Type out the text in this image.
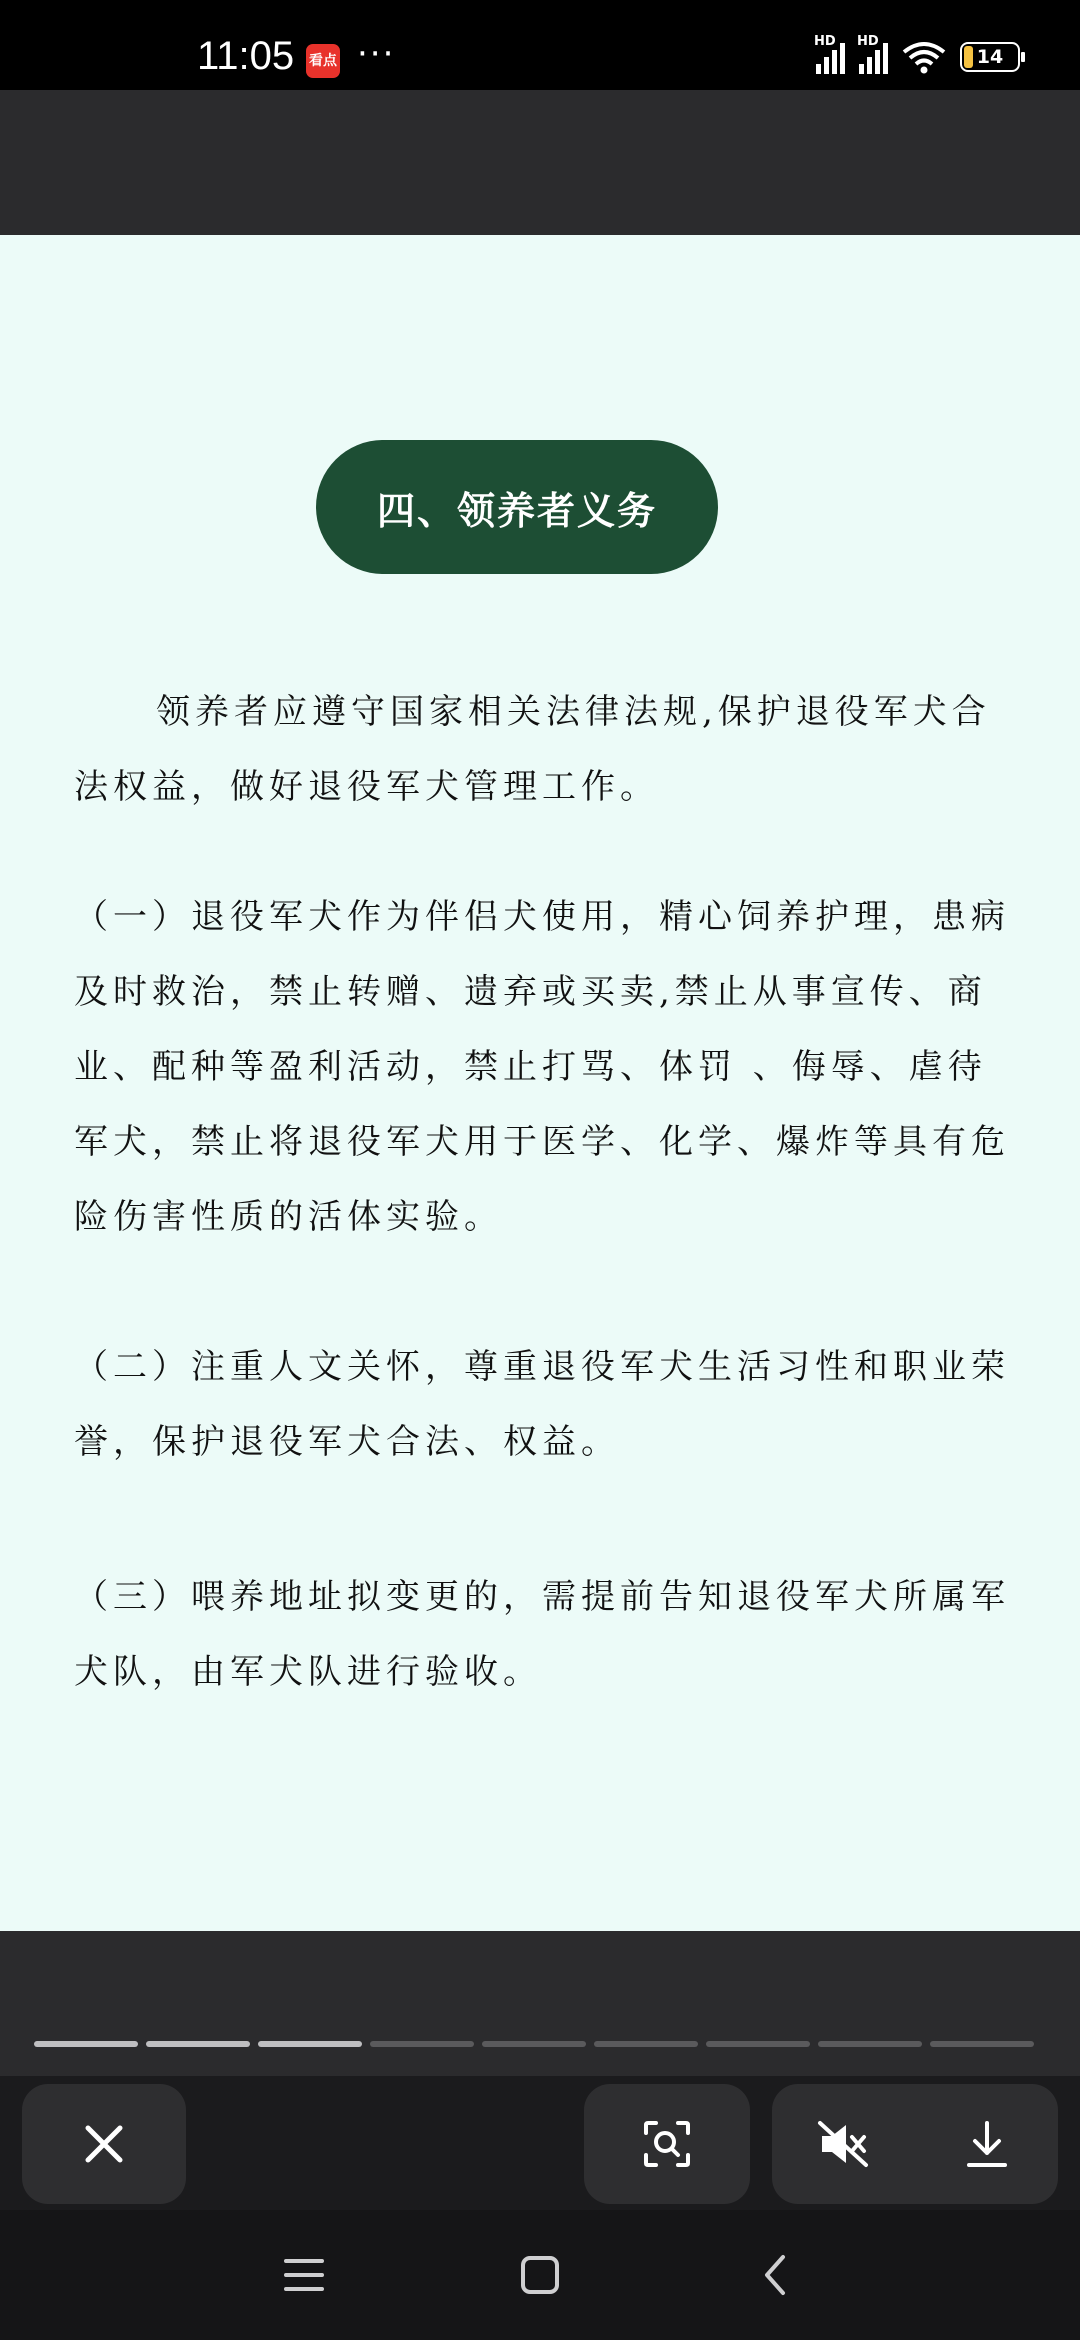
11:05 看点 ···	HD HD
14
四、领养者义务

领养者应遵守国家相关法律法规,保护退役军犬合法权益，做好退役军犬管理工作。

（一）退役军犬作为伴侣犬使用，精心饲养护理，患病及时救治，禁止转赠、遗弃或买卖,禁止从事宣传、商业、配种等盈利活动，禁止打骂、体罚 、侮辱、虐待军犬，禁止将退役军犬用于医学、化学、爆炸等具有危险伤害性质的活体实验。

（二）注重人文关怀，尊重退役军犬生活习性和职业荣誉，保护退役军犬合法、权益。

（三）喂养地址拟变更的，需提前告知退役军犬所属军犬队，由军犬队进行验收。
